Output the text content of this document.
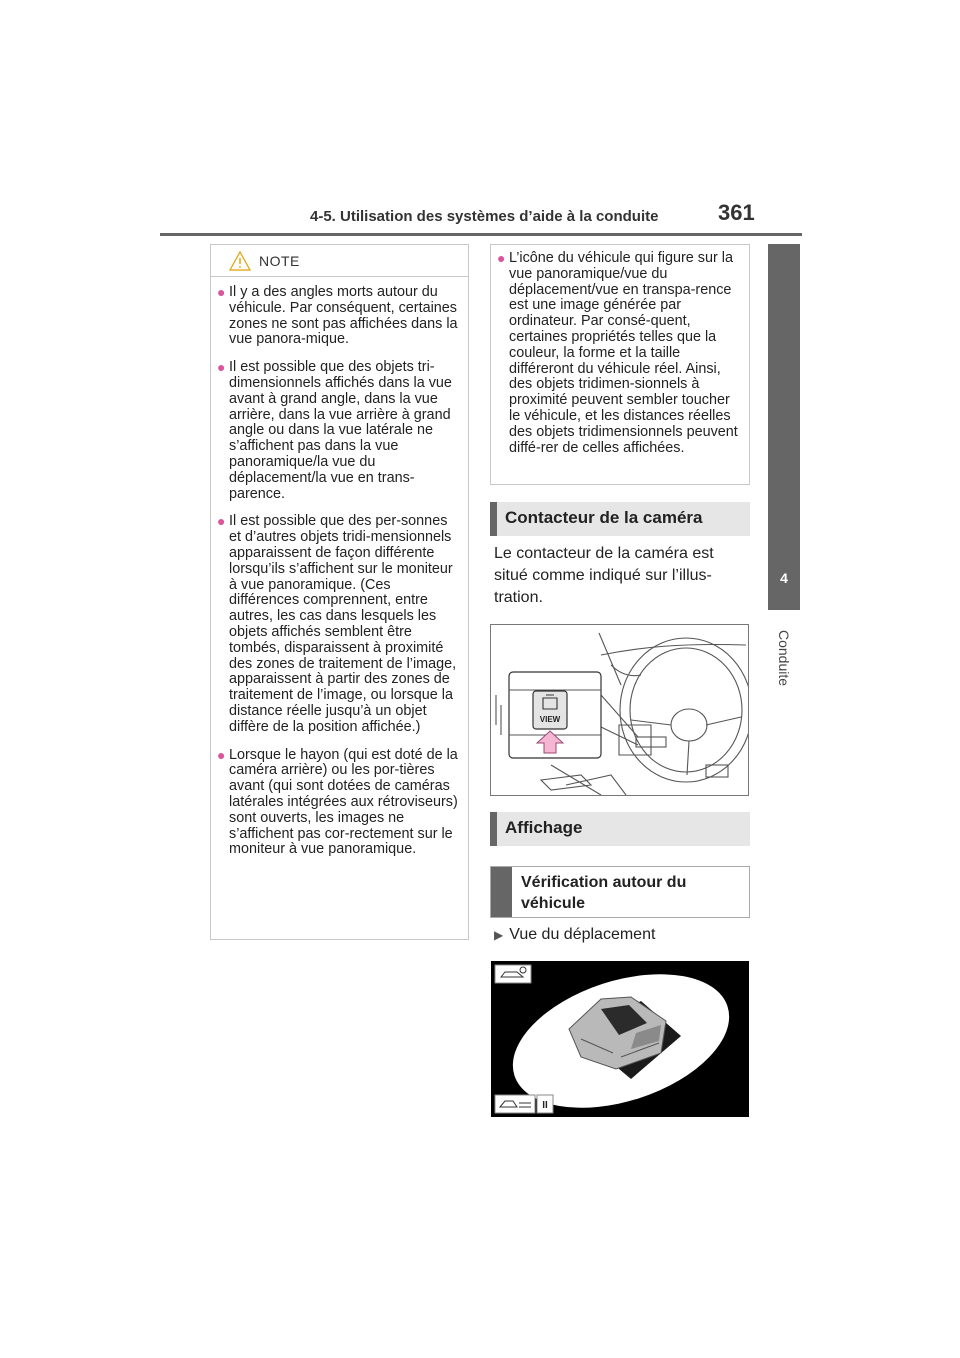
4-5. Utilisation des systèmes d’aide à la conduite	361
4
Conduite
NOTE
● Il y a des angles morts autour du véhicule. Par conséquent, certaines zones ne sont pas affichées dans la vue panora-mique.
● Il est possible que des objets tri-dimensionnels affichés dans la vue avant à grand angle, dans la vue arrière, dans la vue arrière à grand angle ou dans la vue latérale ne s’affichent pas dans la vue panoramique/la vue du déplacement/la vue en trans-parence.
● Il est possible que des per-sonnes et d’autres objets tridi-mensionnels apparaissent de façon différente lorsqu’ils s’affichent sur le moniteur à vue panoramique. (Ces différences comprennent, entre autres, les cas dans lesquels les objets affichés semblent être tombés, disparaissent à proximité des zones de traitement de l’image, apparaissent à partir des zones de traitement de l’image, ou lorsque la distance réelle jusqu’à un objet diffère de la position affichée.)
● Lorsque le hayon (qui est doté de la caméra arrière) ou les por-tières avant (qui sont dotées de caméras latérales intégrées aux rétroviseurs) sont ouverts, les images ne s’affichent pas cor-rectement sur le moniteur à vue panoramique.
● L’icône du véhicule qui figure sur la vue panoramique/vue du déplacement/vue en transpa-rence est une image générée par ordinateur. Par consé-quent, certaines propriétés telles que la couleur, la forme et la taille différeront du véhicule réel. Ainsi, des objets tridimen-sionnels à proximité peuvent sembler toucher le véhicule, et les distances réelles des objets tridimensionnels peuvent diffé-rer de celles affichées.
Contacteur de la caméra
Le contacteur de la caméra est situé comme indiqué sur l’illus-tration.
VIEW
Affichage
Vérification autour du véhicule
▶ Vue du déplacement
II
